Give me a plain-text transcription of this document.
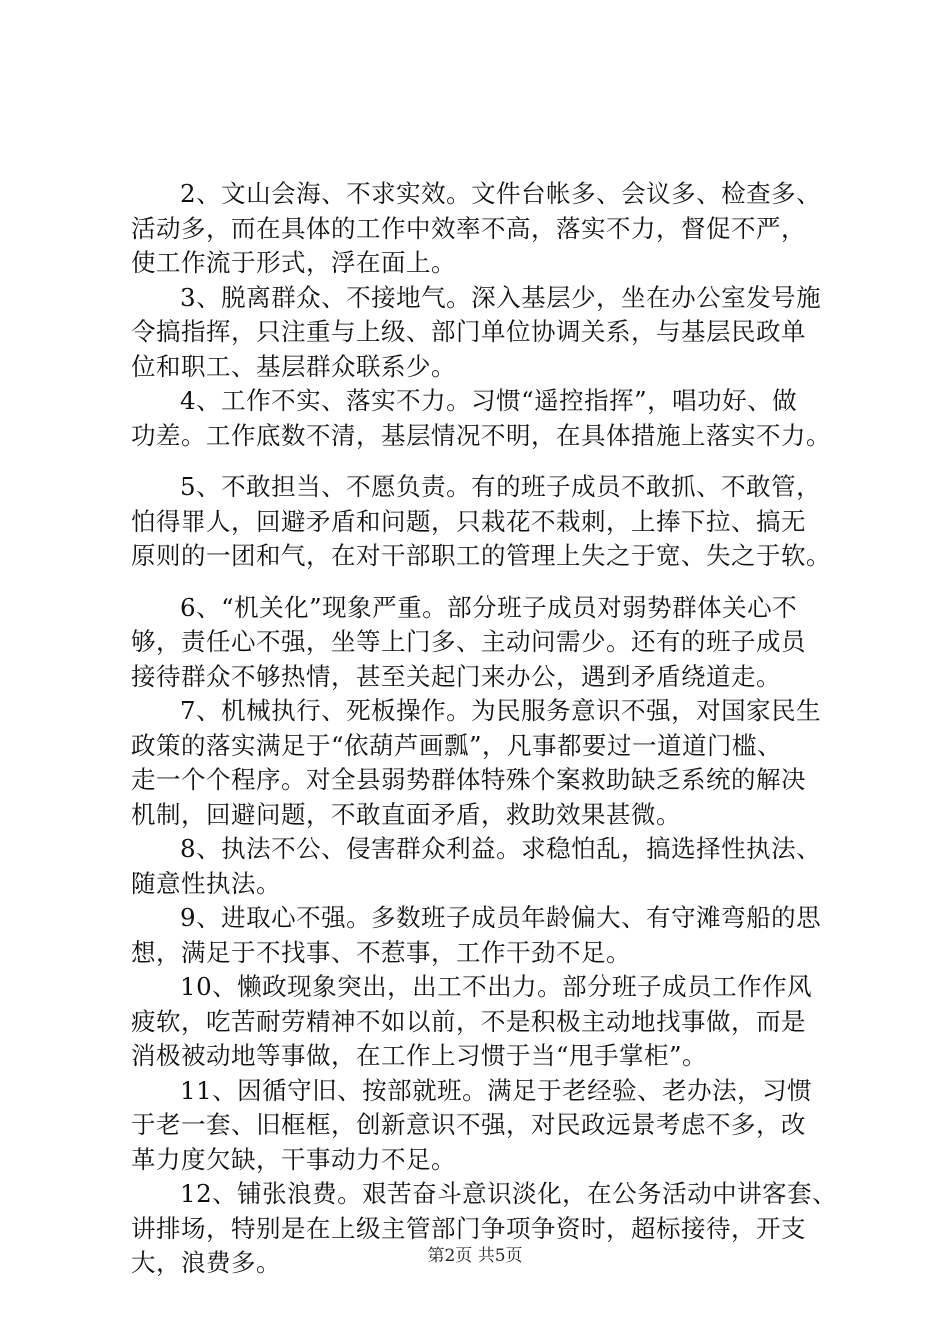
2、文山会海、不求实效。文件台帐多、会议多、检查多、
活动多，而在具体的工作中效率不高，落实不力，督促不严，
使工作流于形式，浮在面上。
3、脱离群众、不接地气。深入基层少，坐在办公室发号施
令搞指挥，只注重与上级、部门单位协调关系，与基层民政单
位和职工、基层群众联系少。
4、工作不实、落实不力。习惯“遥控指挥”，唱功好、做
功差。工作底数不清，基层情况不明，在具体措施上落实不力。
5、不敢担当、不愿负责。有的班子成员不敢抓、不敢管，
怕得罪人，回避矛盾和问题，只栽花不栽刺，上捧下拉、搞无
原则的一团和气，在对干部职工的管理上失之于宽、失之于软。
6、“机关化”现象严重。部分班子成员对弱势群体关心不
够，责任心不强，坐等上门多、主动问需少。还有的班子成员
接待群众不够热情，甚至关起门来办公，遇到矛盾绕道走。
7、机械执行、死板操作。为民服务意识不强，对国家民生
政策的落实满足于“依葫芦画瓢”，凡事都要过一道道门槛、
走一个个程序。对全县弱势群体特殊个案救助缺乏系统的解决
机制，回避问题，不敢直面矛盾，救助效果甚微。
8、执法不公、侵害群众利益。求稳怕乱，搞选择性执法、
随意性执法。
9、进取心不强。多数班子成员年龄偏大、有守滩弯船的思
想，满足于不找事、不惹事，工作干劲不足。
10、懒政现象突出，出工不出力。部分班子成员工作作风
疲软，吃苦耐劳精神不如以前，不是积极主动地找事做，而是
消极被动地等事做，在工作上习惯于当“甩手掌柜”。
11、因循守旧、按部就班。满足于老经验、老办法，习惯
于老一套、旧框框，创新意识不强，对民政远景考虑不多，改
革力度欠缺，干事动力不足。
12、铺张浪费。艰苦奋斗意识淡化，在公务活动中讲客套、
讲排场，特别是在上级主管部门争项争资时，超标接待，开支
大，浪费多。	第2页 共5页
